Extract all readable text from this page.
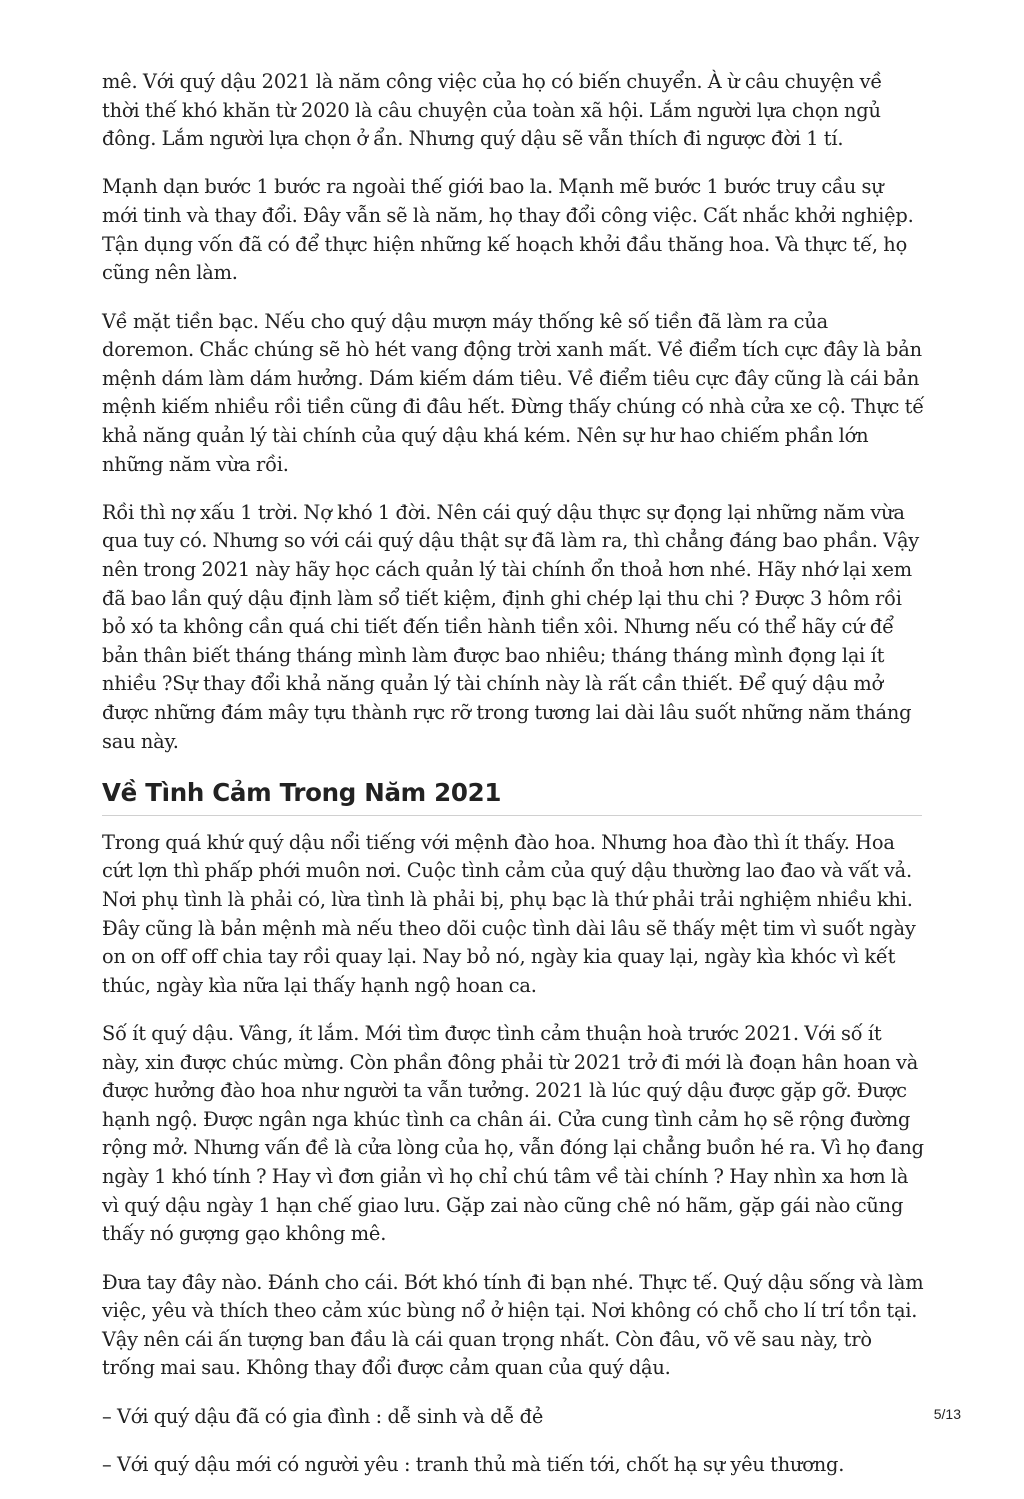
mê. Với quý dậu 2021 là năm công việc của họ có biến chuyển. À ừ câu chuyện về thời thế khó khăn từ 2020 là câu chuyện của toàn xã hội. Lắm người lựa chọn ngủ đông. Lắm người lựa chọn ở ẩn. Nhưng quý dậu sẽ vẫn thích đi ngược đời 1 tí.

Mạnh dạn bước 1 bước ra ngoài thế giới bao la. Mạnh mẽ bước 1 bước truy cầu sự mới tinh và thay đổi. Đây vẫn sẽ là năm, họ thay đổi công việc. Cất nhắc khởi nghiệp. Tận dụng vốn đã có để thực hiện những kế hoạch khởi đầu thăng hoa. Và thực tế, họ cũng nên làm.

Về mặt tiền bạc. Nếu cho quý dậu mượn máy thống kê số tiền đã làm ra của doremon. Chắc chúng sẽ hò hét vang động trời xanh mất. Về điểm tích cực đây là bản mệnh dám làm dám hưởng. Dám kiếm dám tiêu. Về điểm tiêu cực đây cũng là cái bản mệnh kiếm nhiều rồi tiền cũng đi đâu hết. Đừng thấy chúng có nhà cửa xe cộ. Thực tế khả năng quản lý tài chính của quý dậu khá kém. Nên sự hư hao chiếm phần lớn những năm vừa rồi.

Rồi thì nợ xấu 1 trời. Nợ khó 1 đời. Nên cái quý dậu thực sự đọng lại những năm vừa qua tuy có. Nhưng so với cái quý dậu thật sự đã làm ra, thì chẳng đáng bao phần. Vậy nên trong 2021 này hãy học cách quản lý tài chính ổn thoả hơn nhé. Hãy nhớ lại xem đã bao lần quý dậu định làm sổ tiết kiệm, định ghi chép lại thu chi ? Được 3 hôm rồi bỏ xó ta không cần quá chi tiết đến tiền hành tiền xôi. Nhưng nếu có thể hãy cứ để bản thân biết tháng tháng mình làm được bao nhiêu; tháng tháng mình đọng lại ít nhiều ?Sự thay đổi khả năng quản lý tài chính này là rất cần thiết. Để quý dậu mở được những đám mây tựu thành rực rỡ trong tương lai dài lâu suốt những năm tháng sau này.

Về Tình Cảm Trong Năm 2021

Trong quá khứ quý dậu nổi tiếng với mệnh đào hoa. Nhưng hoa đào thì ít thấy. Hoa cứt lợn thì phấp phới muôn nơi. Cuộc tình cảm của quý dậu thường lao đao và vất vả. Nơi phụ tình là phải có, lừa tình là phải bị, phụ bạc là thứ phải trải nghiệm nhiều khi. Đây cũng là bản mệnh mà nếu theo dõi cuộc tình dài lâu sẽ thấy mệt tim vì suốt ngày on on off off chia tay rồi quay lại. Nay bỏ nó, ngày kia quay lại, ngày kìa khóc vì kết thúc, ngày kìa nữa lại thấy hạnh ngộ hoan ca.

Số ít quý dậu. Vâng, ít lắm. Mới tìm được tình cảm thuận hoà trước 2021. Với số ít này, xin được chúc mừng. Còn phần đông phải từ 2021 trở đi mới là đoạn hân hoan và được hưởng đào hoa như người ta vẫn tưởng. 2021 là lúc quý dậu được gặp gỡ. Được hạnh ngộ. Được ngân nga khúc tình ca chân ái. Cửa cung tình cảm họ sẽ rộng đường rộng mở. Nhưng vấn đề là cửa lòng của họ, vẫn đóng lại chẳng buồn hé ra. Vì họ đang ngày 1 khó tính ? Hay vì đơn giản vì họ chỉ chú tâm về tài chính ? Hay nhìn xa hơn là vì quý dậu ngày 1 hạn chế giao lưu. Gặp zai nào cũng chê nó hãm, gặp gái nào cũng thấy nó gượng gạo không mê.

Đưa tay đây nào. Đánh cho cái. Bớt khó tính đi bạn nhé. Thực tế. Quý dậu sống và làm việc, yêu và thích theo cảm xúc bùng nổ ở hiện tại. Nơi không có chỗ cho lí trí tồn tại. Vậy nên cái ấn tượng ban đầu là cái quan trọng nhất. Còn đâu, võ vẽ sau này, trò trống mai sau. Không thay đổi được cảm quan của quý dậu.

– Với quý dậu đã có gia đình : dễ sinh và dễ đẻ

– Với quý dậu mới có người yêu : tranh thủ mà tiến tới, chốt hạ sự yêu thương.

5/13
